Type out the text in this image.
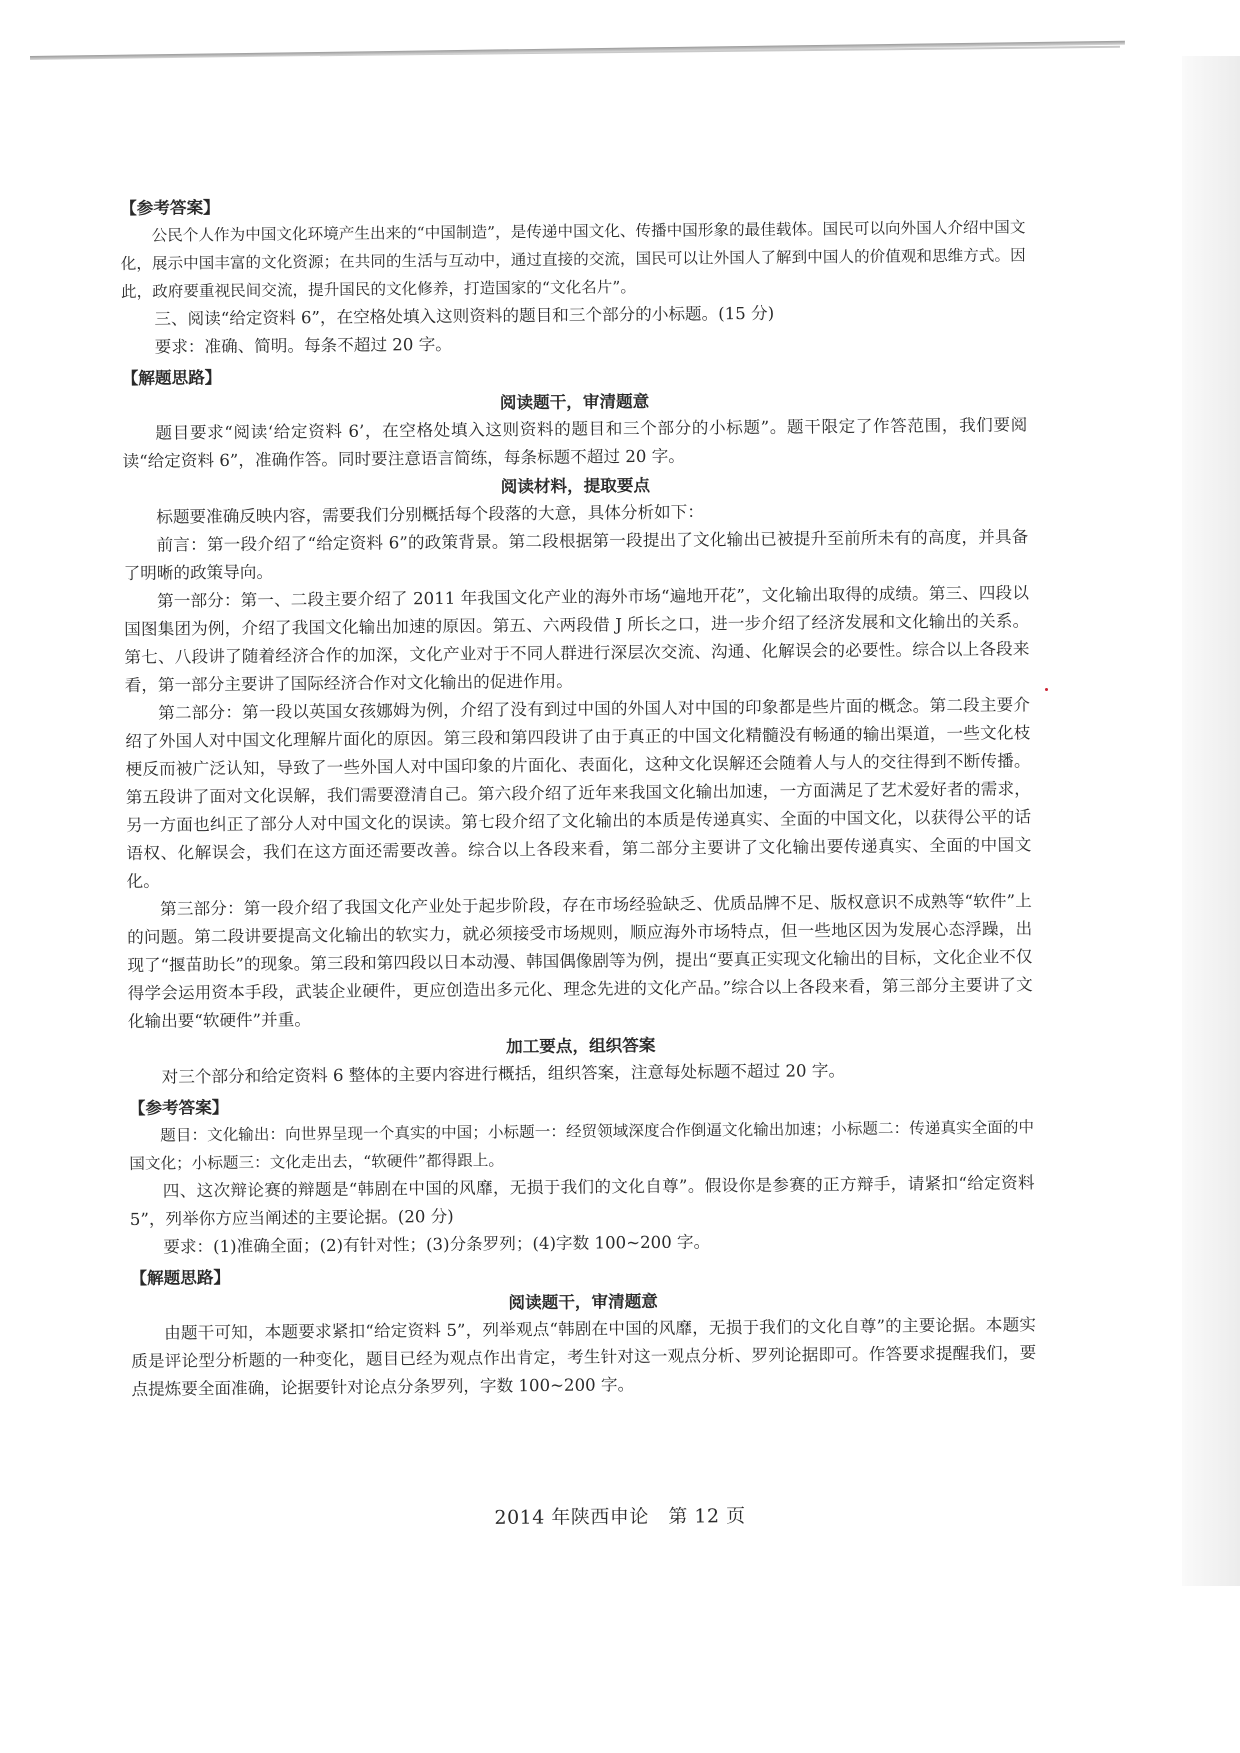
【参考答案】

公民个人作为中国文化环境产生出来的“中国制造”，是传递中国文化、传播中国形象的最佳载体。国民可以向外国人介绍中国文化，展示中国丰富的文化资源；在共同的生活与互动中，通过直接的交流，国民可以让外国人了解到中国人的价值观和思维方式。因此，政府要重视民间交流，提升国民的文化修养，打造国家的“文化名片”。

三、阅读“给定资料 6”，在空格处填入这则资料的题目和三个部分的小标题。(15 分)

要求：准确、简明。每条不超过 20 字。

【解题思路】

阅读题干，审清题意

题目要求“阅读‘给定资料 6’，在空格处填入这则资料的题目和三个部分的小标题”。题干限定了作答范围，我们要阅读“给定资料 6”，准确作答。同时要注意语言简练，每条标题不超过 20 字。

阅读材料，提取要点

标题要准确反映内容，需要我们分别概括每个段落的大意，具体分析如下：

前言：第一段介绍了“给定资料 6”的政策背景。第二段根据第一段提出了文化输出已被提升至前所未有的高度，并具备了明晰的政策导向。

第一部分：第一、二段主要介绍了 2011 年我国文化产业的海外市场“遍地开花”，文化输出取得的成绩。第三、四段以国图集团为例，介绍了我国文化输出加速的原因。第五、六两段借 J 所长之口，进一步介绍了经济发展和文化输出的关系。第七、八段讲了随着经济合作的加深，文化产业对于不同人群进行深层次交流、沟通、化解误会的必要性。综合以上各段来看，第一部分主要讲了国际经济合作对文化输出的促进作用。

第二部分：第一段以英国女孩娜姆为例，介绍了没有到过中国的外国人对中国的印象都是些片面的概念。第二段主要介绍了外国人对中国文化理解片面化的原因。第三段和第四段讲了由于真正的中国文化精髓没有畅通的输出渠道，一些文化枝梗反而被广泛认知，导致了一些外国人对中国印象的片面化、表面化，这种文化误解还会随着人与人的交往得到不断传播。第五段讲了面对文化误解，我们需要澄清自己。第六段介绍了近年来我国文化输出加速，一方面满足了艺术爱好者的需求，另一方面也纠正了部分人对中国文化的误读。第七段介绍了文化输出的本质是传递真实、全面的中国文化，以获得公平的话语权、化解误会，我们在这方面还需要改善。综合以上各段来看，第二部分主要讲了文化输出要传递真实、全面的中国文化。

第三部分：第一段介绍了我国文化产业处于起步阶段，存在市场经验缺乏、优质品牌不足、版权意识不成熟等“软件”上的问题。第二段讲要提高文化输出的软实力，就必须接受市场规则，顺应海外市场特点，但一些地区因为发展心态浮躁，出现了“揠苗助长”的现象。第三段和第四段以日本动漫、韩国偶像剧等为例，提出“要真正实现文化输出的目标，文化企业不仅得学会运用资本手段，武装企业硬件，更应创造出多元化、理念先进的文化产品。”综合以上各段来看，第三部分主要讲了文化输出要“软硬件”并重。

加工要点，组织答案

对三个部分和给定资料 6 整体的主要内容进行概括，组织答案，注意每处标题不超过 20 字。

【参考答案】

题目：文化输出：向世界呈现一个真实的中国；小标题一：经贸领域深度合作倒逼文化输出加速；小标题二：传递真实全面的中国文化；小标题三：文化走出去，“软硬件”都得跟上。

四、这次辩论赛的辩题是“韩剧在中国的风靡，无损于我们的文化自尊”。假设你是参赛的正方辩手，请紧扣“给定资料 5”，列举你方应当阐述的主要论据。(20 分)

要求：(1)准确全面；(2)有针对性；(3)分条罗列；(4)字数 100~200 字。

【解题思路】

阅读题干，审清题意

由题干可知，本题要求紧扣“给定资料 5”，列举观点“韩剧在中国的风靡，无损于我们的文化自尊”的主要论据。本题实质是评论型分析题的一种变化，题目已经为观点作出肯定，考生针对这一观点分析、罗列论据即可。作答要求提醒我们，要点提炼要全面准确，论据要针对论点分条罗列，字数 100~200 字。

2014 年陕西申论　第 12 页
